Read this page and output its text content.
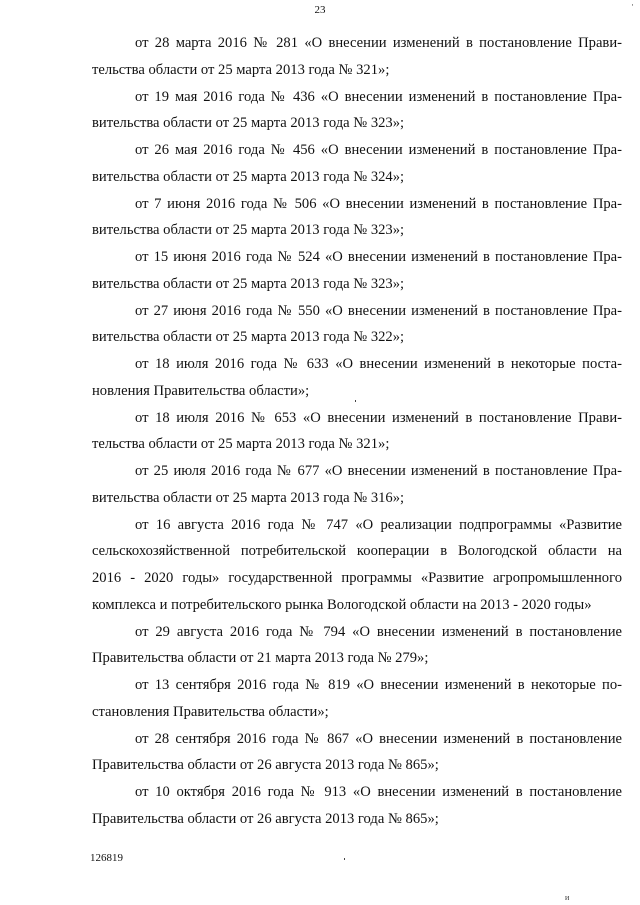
23	·

от 28 марта 2016 № 281 «О внесении изменений в постановление Прави-

тельства области от 25 марта 2013 года № 321»;

от 19 мая 2016 года № 436 «О внесении изменений в постановление Пра-

вительства области от 25 марта 2013 года № 323»;

от 26 мая 2016 года № 456 «О внесении изменений в постановление Пра-

вительства области от 25 марта 2013 года № 324»;

от 7 июня 2016 года № 506 «О внесении изменений в постановление Пра-

вительства области от 25 марта 2013 года № 323»;

от 15 июня 2016 года № 524 «О внесении изменений в постановление Пра-

вительства области от 25 марта 2013 года № 323»;

от 27 июня 2016 года № 550 «О внесении изменений в постановление Пра-

вительства области от 25 марта 2013 года № 322»;

от 18 июля 2016 года № 633 «О внесении изменений в некоторые поста-

новления Правительства области»;

от 18 июля 2016 № 653 «О внесении изменений в постановление Прави-

тельства области от 25 марта 2013 года № 321»;

от 25 июля 2016 года № 677 «О внесении изменений в постановление Пра-

вительства области от 25 марта 2013 года № 316»;

от 16 августа 2016 года № 747 «О реализации подпрограммы «Развитие

сельскохозяйственной потребительской кооперации в Вологодской области на

2016 - 2020 годы» государственной программы «Развитие агропромышленного

комплекса и потребительского рынка Вологодской области на 2013 - 2020 годы»

от 29 августа 2016 года № 794 «О внесении изменений в постановление

Правительства области от 21 марта 2013 года № 279»;

от 13 сентября 2016 года № 819 «О внесении изменений в некоторые по-

становления Правительства области»;

от 28 сентября 2016 года № 867 «О внесении изменений в постановление

Правительства области от 26 августа 2013 года № 865»;

от 10 октября 2016 года № 913 «О внесении изменений в постановление

Правительства области от 26 августа 2013 года № 865»;

126819
и
